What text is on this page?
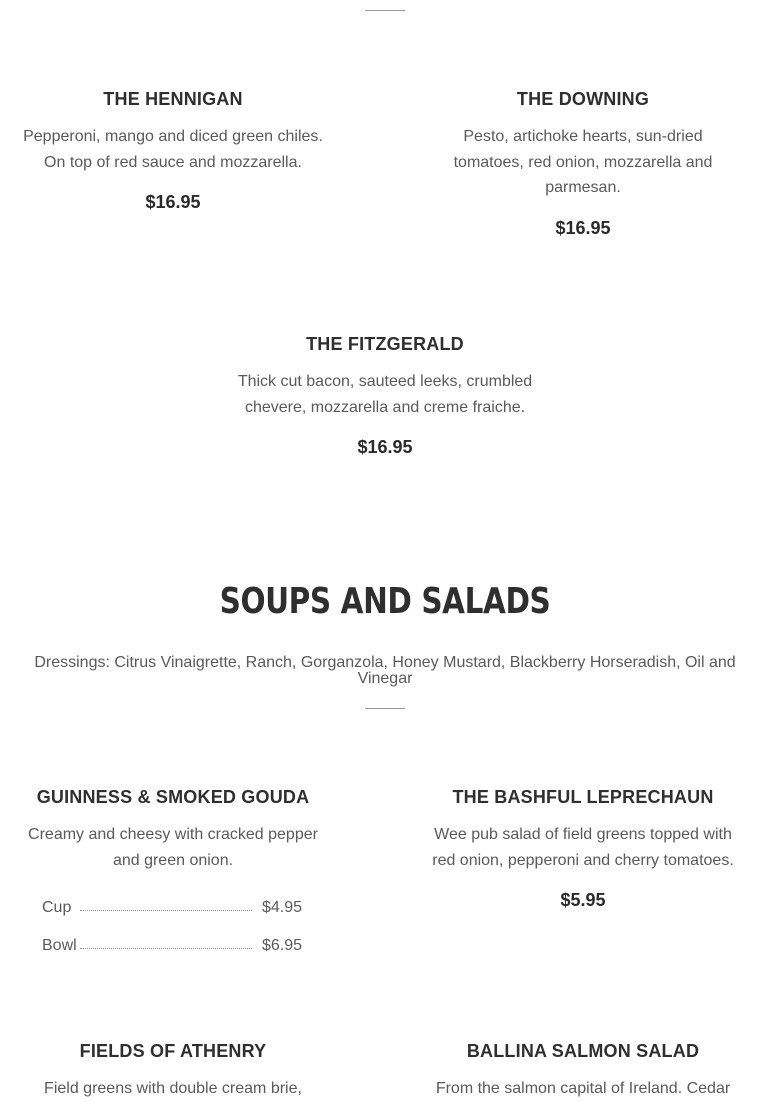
THE HENNIGAN

Pepperoni, mango and diced green chiles. On top of red sauce and mozzarella.

$16.95
THE DOWNING

Pesto, artichoke hearts, sun-dried tomatoes, red onion, mozzarella and parmesan.

$16.95
THE FITZGERALD

Thick cut bacon, sauteed leeks, crumbled chevere, mozzarella and creme fraiche.

$16.95
SOUPS AND SALADS
Dressings: Citrus Vinaigrette, Ranch, Gorganzola, Honey Mustard, Blackberry Horseradish, Oil and Vinegar
GUINNESS & SMOKED GOUDA

Creamy and cheesy with cracked pepper and green onion.

Cup	$4.95
Bowl	$6.95
THE BASHFUL LEPRECHAUN

Wee pub salad of field greens topped with red onion, pepperoni and cherry tomatoes.

$5.95
FIELDS OF ATHENRY

Field greens with double cream brie,

BALLINA SALMON SALAD

From the salmon capital of Ireland. Cedar
